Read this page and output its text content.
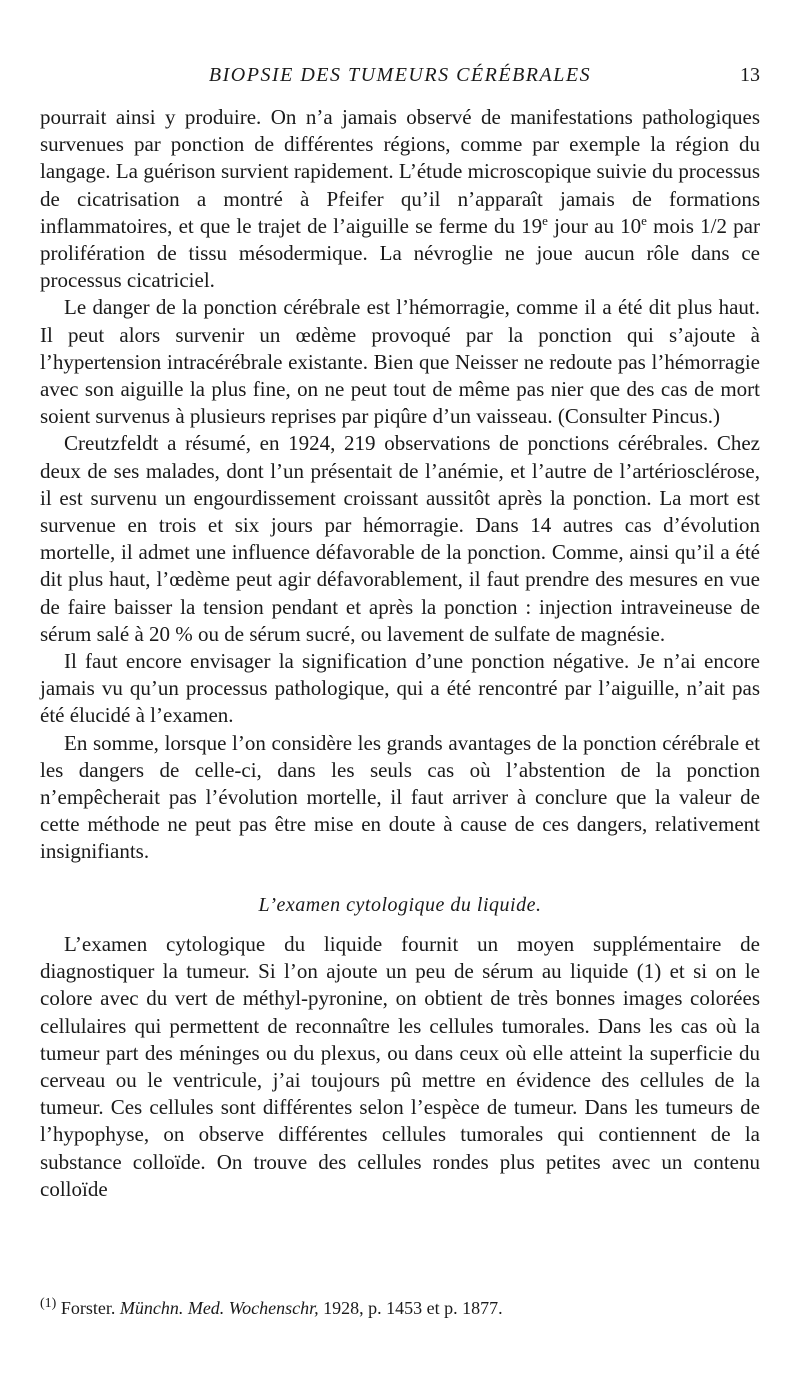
BIOPSIE DES TUMEURS CÉRÉBRALES	13

pourrait ainsi y produire. On n’a jamais observé de manifestations pathologiques survenues par ponction de différentes régions, comme par exemple la région du langage. La guérison survient rapidement. L’étude microscopique suivie du processus de cicatrisation a montré à Pfeifer qu’il n’apparaît jamais de formations inflammatoires, et que le trajet de l’aiguille se ferme du 19e jour au 10e mois 1/2 par prolifération de tissu mésodermique. La névroglie ne joue aucun rôle dans ce processus cicatriciel.

Le danger de la ponction cérébrale est l’hémorragie, comme il a été dit plus haut. Il peut alors survenir un œdème provoqué par la ponction qui s’ajoute à l’hypertension intracérébrale existante. Bien que Neisser ne redoute pas l’hémorragie avec son aiguille la plus fine, on ne peut tout de même pas nier que des cas de mort soient survenus à plusieurs reprises par piqûre d’un vaisseau. (Consulter Pincus.)

Creutzfeldt a résumé, en 1924, 219 observations de ponctions cérébrales. Chez deux de ses malades, dont l’un présentait de l’anémie, et l’autre de l’artériosclérose, il est survenu un engourdissement croissant aussitôt après la ponction. La mort est survenue en trois et six jours par hémorragie. Dans 14 autres cas d’évolution mortelle, il admet une influence défavorable de la ponction. Comme, ainsi qu’il a été dit plus haut, l’œdème peut agir défavorablement, il faut prendre des mesures en vue de faire baisser la tension pendant et après la ponction : injection intraveineuse de sérum salé à 20 % ou de sérum sucré, ou lavement de sulfate de magnésie.

Il faut encore envisager la signification d’une ponction négative. Je n’ai encore jamais vu qu’un processus pathologique, qui a été rencontré par l’aiguille, n’ait pas été élucidé à l’examen.

En somme, lorsque l’on considère les grands avantages de la ponction cérébrale et les dangers de celle-ci, dans les seuls cas où l’abstention de la ponction n’empêcherait pas l’évolution mortelle, il faut arriver à conclure que la valeur de cette méthode ne peut pas être mise en doute à cause de ces dangers, relativement insignifiants.

L’examen cytologique du liquide.

L’examen cytologique du liquide fournit un moyen supplémentaire de diagnostiquer la tumeur. Si l’on ajoute un peu de sérum au liquide (1) et si on le colore avec du vert de méthyl-pyronine, on obtient de très bonnes images colorées cellulaires qui permettent de reconnaître les cellules tumorales. Dans les cas où la tumeur part des méninges ou du plexus, ou dans ceux où elle atteint la superficie du cerveau ou le ventricule, j’ai toujours pû mettre en évidence des cellules de la tumeur. Ces cellules sont différentes selon l’espèce de tumeur. Dans les tumeurs de l’hypophyse, on observe différentes cellules tumorales qui contiennent de la substance colloïde. On trouve des cellules rondes plus petites avec un contenu colloïde

$^{(1)}$ Forster. Münchn. Med. Wochenschr, 1928, p. 1453 et p. 1877.
